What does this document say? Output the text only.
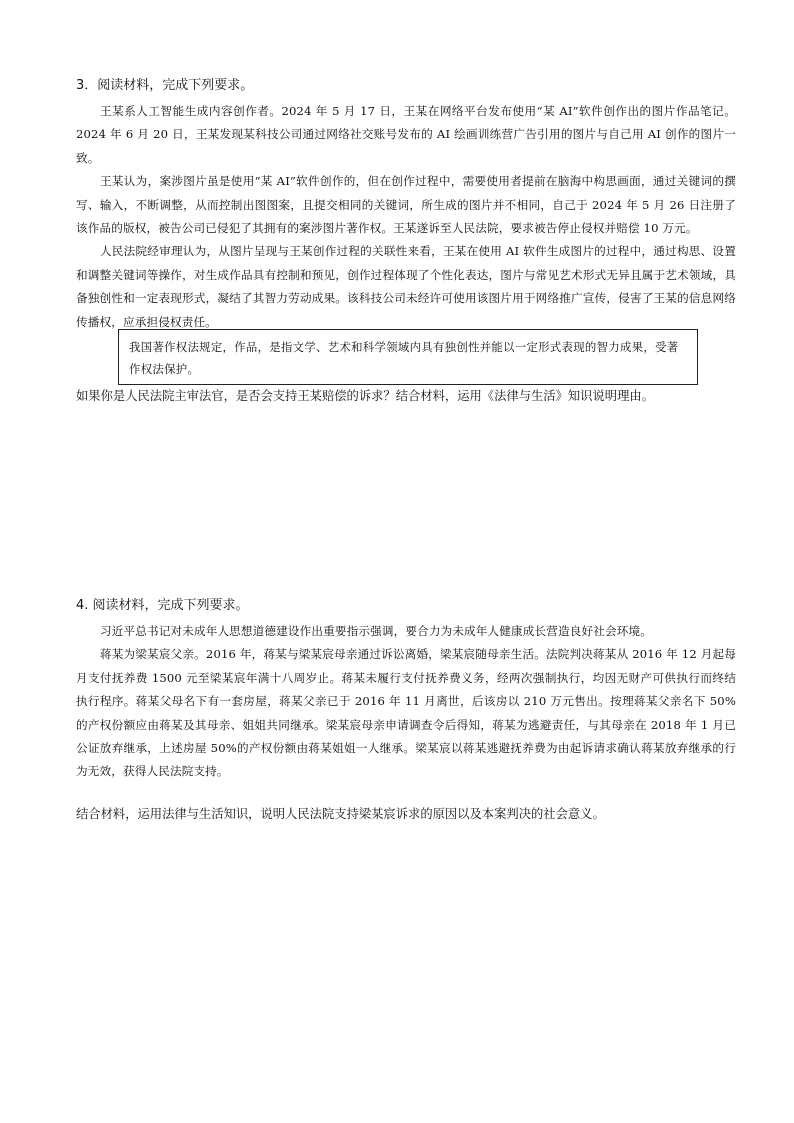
3．阅读材料，完成下列要求。

王某系人工智能生成内容创作者。2024 年 5 月 17 日，王某在网络平台发布使用“某 AI”软件创作出的图片作品笔记。2024 年 6 月 20 日，王某发现某科技公司通过网络社交账号发布的 AI 绘画训练营广告引用的图片与自己用 AI 创作的图片一致。

王某认为，案涉图片虽是使用“某 AI”软件创作的，但在创作过程中，需要使用者提前在脑海中构思画面，通过关键词的撰写、输入，不断调整，从而控制出图图案，且提交相同的关键词，所生成的图片并不相同，自己于 2024 年 5 月 26 日注册了该作品的版权，被告公司已侵犯了其拥有的案涉图片著作权。王某遂诉至人民法院，要求被告停止侵权并赔偿 10 万元。

人民法院经审理认为，从图片呈现与王某创作过程的关联性来看，王某在使用 AI 软件生成图片的过程中，通过构思、设置和调整关键词等操作，对生成作品具有控制和预见，创作过程体现了个性化表达，图片与常见艺术形式无异且属于艺术领域，具备独创性和一定表现形式，凝结了其智力劳动成果。该科技公司未经许可使用该图片用于网络推广宣传，侵害了王某的信息网络传播权，应承担侵权责任。

我国著作权法规定，作品，是指文学、艺术和科学领域内具有独创性并能以一定形式表现的智力成果，受著作权法保护。
如果你是人民法院主审法官，是否会支持王某赔偿的诉求？结合材料，运用《法律与生活》知识说明理由。
4. 阅读材料，完成下列要求。

习近平总书记对未成年人思想道德建设作出重要指示强调，要合力为未成年人健康成长营造良好社会环境。

蒋某为梁某宸父亲。2016 年，蒋某与梁某宸母亲通过诉讼离婚，梁某宸随母亲生活。法院判决蒋某从 2016 年 12 月起每月支付抚养费 1500 元至梁某宸年满十八周岁止。蒋某未履行支付抚养费义务，经两次强制执行，均因无财产可供执行而终结执行程序。蒋某父母名下有一套房屋，蒋某父亲已于 2016 年 11 月离世，后该房以 210 万元售出。按理蒋某父亲名下 50%的产权份额应由蒋某及其母亲、姐姐共同继承。梁某宸母亲申请调查令后得知，蒋某为逃避责任，与其母亲在 2018 年 1 月已公证放弃继承，上述房屋 50%的产权份额由蒋某姐姐一人继承。梁某宸以蒋某逃避抚养费为由起诉请求确认蒋某放弃继承的行为无效，获得人民法院支持。

结合材料，运用法律与生活知识，说明人民法院支持梁某宸诉求的原因以及本案判决的社会意义。
